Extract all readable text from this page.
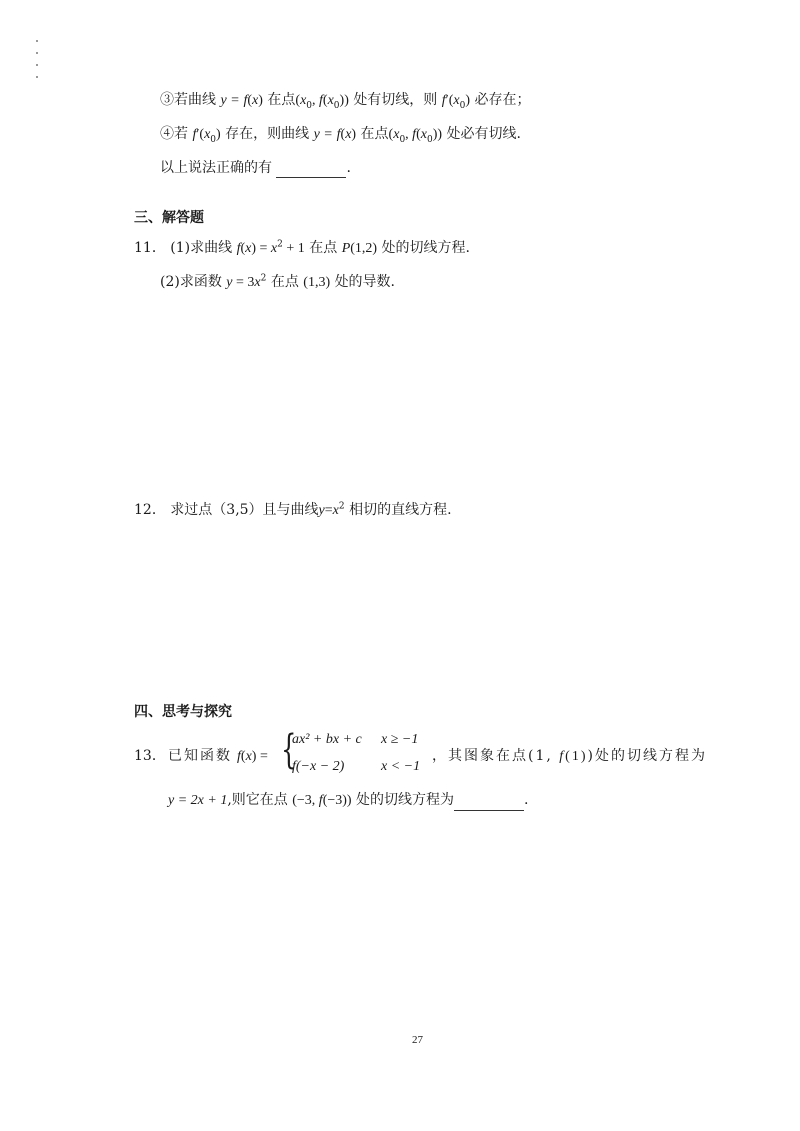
③若曲线 y = f(x) 在点($x_0$, $f(x_0)$) 处有切线，则 $f'(x_0)$ 必存在；
④若 $f'(x_0)$ 存在，则曲线 y = f(x) 在点($x_0$, $f(x_0)$) 处必有切线.
以上说法正确的有	.
三、解答题
11． (1)求曲线 $f(x) = x^2 + 1$ 在点 P(1,2) 处的切线方程.
(2)求函数 $y = 3x^2$ 在点 (1,3) 处的导数.
12． 求过点（3,5）且与曲线$y=x^2$ 相切的直线方程.
四、思考与探究
13． 已知函数 f(x) = {
ax² + bx + c x ≥ −1
f(−x − 2)	x < −1
，其图象在点(1, f(1))处的切线方程为
y = 2x + 1,则它在点 (−3, f(−3)) 处的切线方程为	.
27
